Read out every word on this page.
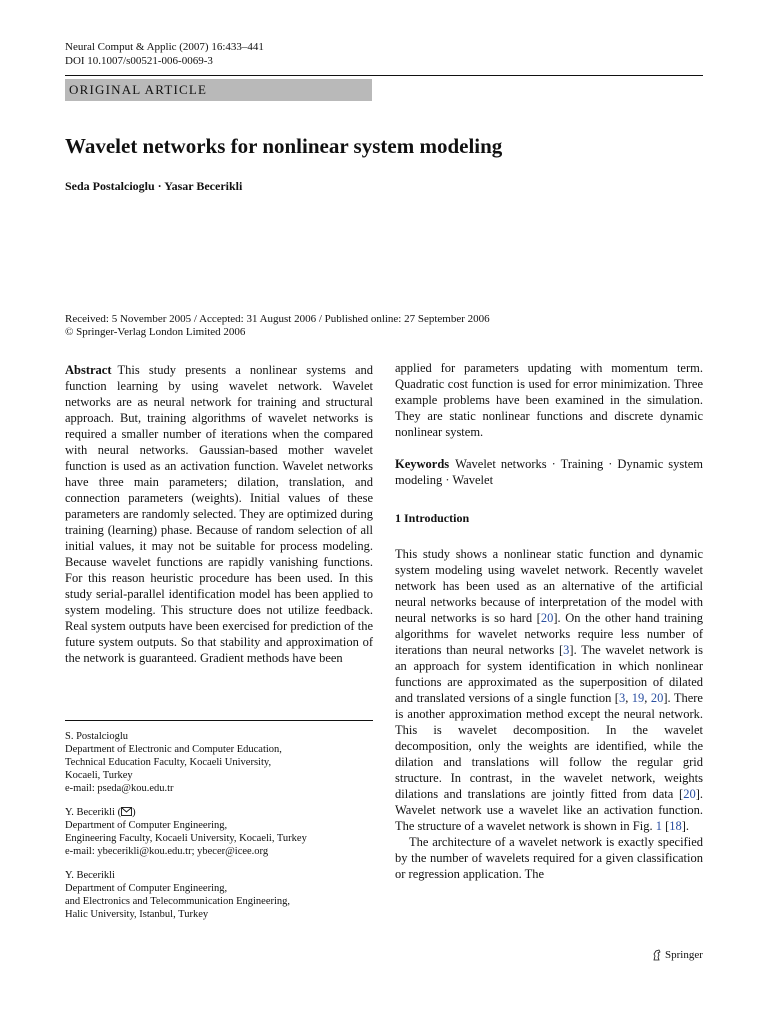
Neural Comput & Applic (2007) 16:433–441
DOI 10.1007/s00521-006-0069-3
ORIGINAL ARTICLE
Wavelet networks for nonlinear system modeling
Seda Postalcioglu · Yasar Becerikli
Received: 5 November 2005 / Accepted: 31 August 2006 / Published online: 27 September 2006
© Springer-Verlag London Limited 2006

Abstract This study presents a nonlinear systems and function learning by using wavelet network. Wavelet networks are as neural network for training and structural approach. But, training algorithms of wavelet networks is required a smaller number of iterations when the compared with neural networks. Gaussian-based mother wavelet function is used as an activation function. Wavelet networks have three main parameters; dilation, translation, and connection parameters (weights). Initial values of these parameters are randomly selected. They are optimized during training (learning) phase. Because of random selection of all initial values, it may not be suitable for process modeling. Because wavelet functions are rapidly vanishing functions. For this reason heuristic procedure has been used. In this study serial-parallel identification model has been applied to system modeling. This structure does not utilize feedback. Real system outputs have been exercised for prediction of the future system outputs. So that stability and approximation of the network is guaranteed. Gradient methods have been

S. Postalcioglu
Department of Electronic and Computer Education,
Technical Education Faculty, Kocaeli University,
Kocaeli, Turkey
e-mail: pseda@kou.edu.tr
Y. Becerikli ( )
Department of Computer Engineering,
Engineering Faculty, Kocaeli University, Kocaeli, Turkey
e-mail: ybecerikli@kou.edu.tr; ybecer@icee.org
Y. Becerikli
Department of Computer Engineering,
and Electronics and Telecommunication Engineering,
Halic University, Istanbul, Turkey

applied for parameters updating with momentum term. Quadratic cost function is used for error minimization. Three example problems have been examined in the simulation. They are static nonlinear functions and discrete dynamic nonlinear system.

Keywords Wavelet networks · Training · Dynamic system modeling · Wavelet

1 Introduction

This study shows a nonlinear static function and dynamic system modeling using wavelet network. Recently wavelet network has been used as an alternative of the artificial neural networks because of interpretation of the model with neural networks is so hard [20]. On the other hand training algorithms for wavelet networks require less number of iterations than neural networks [3]. The wavelet network is an approach for system identification in which nonlinear functions are approximated as the superposition of dilated and translated versions of a single function [3, 19, 20]. There is another approximation method except the neural network. This is wavelet decomposition. In the wavelet decomposition, only the weights are identified, while the dilation and translations will follow the regular grid structure. In contrast, in the wavelet network, weights dilations and translations are jointly fitted from data [20]. Wavelet network use a wavelet like an activation function. The structure of a wavelet network is shown in Fig. 1 [18].

The architecture of a wavelet network is exactly specified by the number of wavelets required for a given classification or regression application. The

Springer
